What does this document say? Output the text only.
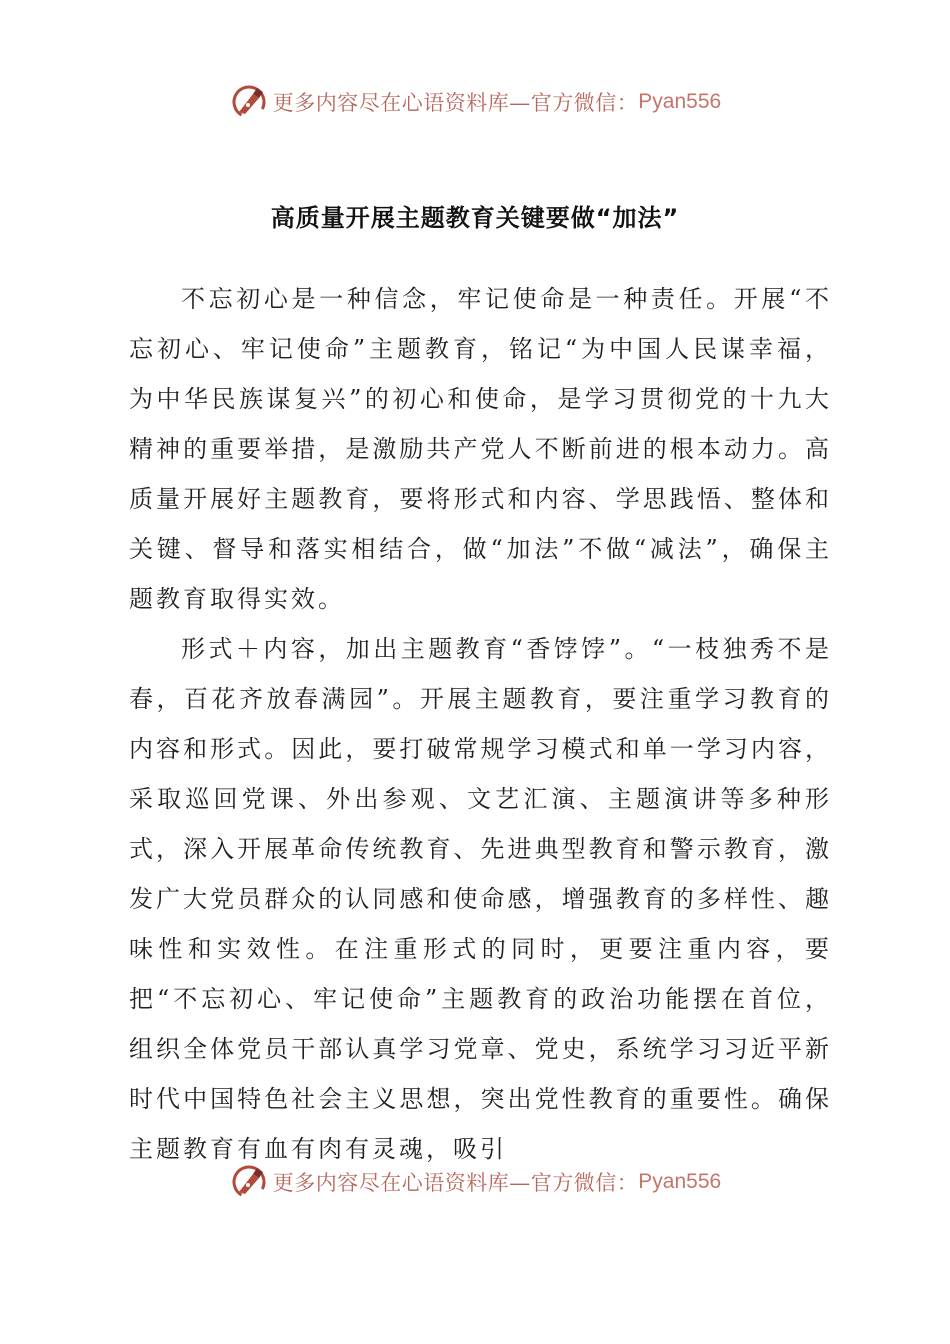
更多内容尽在心语资料库—官方微信： Pyan556
高质量开展主题教育关键要做“加法”

不忘初心是一种信念，牢记使命是一种责任。开展“不忘初心、牢记使命”主题教育，铭记“为中国人民谋幸福，为中华民族谋复兴”的初心和使命，是学习贯彻党的十九大精神的重要举措，是激励共产党人不断前进的根本动力。高质量开展好主题教育，要将形式和内容、学思践悟、整体和关键、督导和落实相结合，做“加法”不做“减法”，确保主题教育取得实效。

形式＋内容，加出主题教育“香饽饽”。“一枝独秀不是春，百花齐放春满园”。开展主题教育，要注重学习教育的内容和形式。因此，要打破常规学习模式和单一学习内容，采取巡回党课、外出参观、文艺汇演、主题演讲等多种形式，深入开展革命传统教育、先进典型教育和警示教育，激发广大党员群众的认同感和使命感，增强教育的多样性、趣味性和实效性。在注重形式的同时，更要注重内容，要把“不忘初心、牢记使命”主题教育的政治功能摆在首位，组织全体党员干部认真学习党章、党史，系统学习习近平新时代中国特色社会主义思想，突出党性教育的重要性。确保主题教育有血有肉有灵魂，吸引

更多内容尽在心语资料库—官方微信： Pyan556
